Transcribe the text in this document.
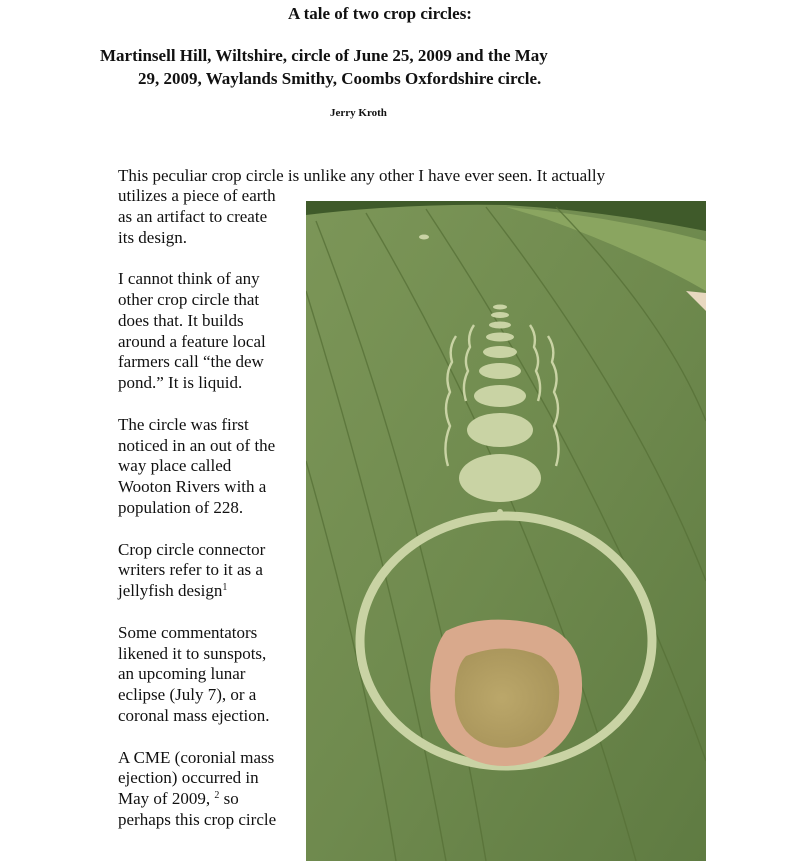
A tale of two crop circles:
Martinsell Hill, Wiltshire, circle of June 25, 2009 and the May
29, 2009, Waylands Smithy, Coombs Oxfordshire circle.
Jerry Kroth
This peculiar crop circle is unlike any other I have ever seen. It actually

utilizes a piece of earth
as an artifact to create
its design.

I cannot think of any
other crop circle that
does that. It builds
around a feature local
farmers call “the dew
pond.” It is liquid.

The circle was first
noticed in an out of the
way place called
Wooton Rivers with a
population of 228.

Crop circle connector
writers refer to it as a
jellyfish design$^1$

Some commentators
likened it to sunspots,
an upcoming lunar
eclipse (July 7), or a
coronal mass ejection.

A CME (coronial mass
ejection) occurred in
May of 2009, $^2$ so
perhaps this crop circle
